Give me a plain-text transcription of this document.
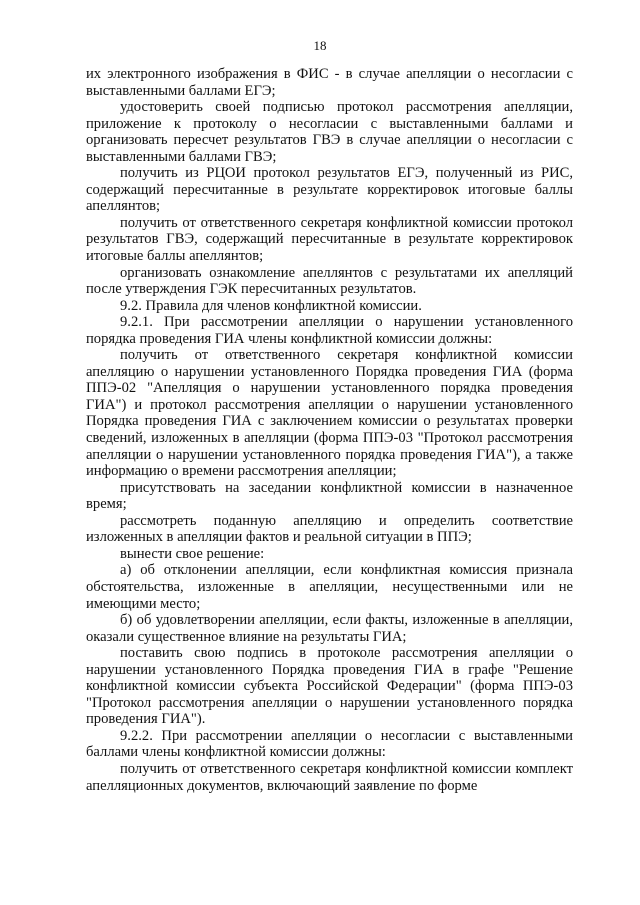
18

их электронного изображения в ФИС - в случае апелляции о несогласии с выставленными баллами ЕГЭ;

удостоверить своей подписью протокол рассмотрения апелляции, приложение к протоколу о несогласии с выставленными баллами и организовать пересчет результатов ГВЭ в случае апелляции о несогласии с выставленными баллами ГВЭ;

получить из РЦОИ протокол результатов ЕГЭ, полученный из РИС, содержащий пересчитанные в результате корректировок итоговые баллы апеллянтов;

получить от ответственного секретаря конфликтной комиссии протокол результатов ГВЭ, содержащий пересчитанные в результате корректировок итоговые баллы апеллянтов;

организовать ознакомление апеллянтов с результатами их апелляций после утверждения ГЭК пересчитанных результатов.

9.2. Правила для членов конфликтной комиссии.

9.2.1. При рассмотрении апелляции о нарушении установленного порядка проведения ГИА члены конфликтной комиссии должны:

получить от ответственного секретаря конфликтной комиссии апелляцию о нарушении установленного Порядка проведения ГИА (форма ППЭ-02 "Апелляция о нарушении установленного порядка проведения ГИА") и протокол рассмотрения апелляции о нарушении установленного Порядка проведения ГИА с заключением комиссии о результатах проверки сведений, изложенных в апелляции (форма ППЭ-03 "Протокол рассмотрения апелляции о нарушении установленного порядка проведения ГИА"), а также информацию о времени рассмотрения апелляции;

присутствовать на заседании конфликтной комиссии в назначенное время;

рассмотреть поданную апелляцию и определить соответствие изложенных в апелляции фактов и реальной ситуации в ППЭ;

вынести свое решение:

а) об отклонении апелляции, если конфликтная комиссия признала обстоятельства, изложенные в апелляции, несущественными или не имеющими место;

б) об удовлетворении апелляции, если факты, изложенные в апелляции, оказали существенное влияние на результаты ГИА;

поставить свою подпись в протоколе рассмотрения апелляции о нарушении установленного Порядка проведения ГИА в графе "Решение конфликтной комиссии субъекта Российской Федерации" (форма ППЭ-03 "Протокол рассмотрения апелляции о нарушении установленного порядка проведения ГИА").

9.2.2. При рассмотрении апелляции о несогласии с выставленными баллами члены конфликтной комиссии должны:

получить от ответственного секретаря конфликтной комиссии комплект апелляционных документов, включающий заявление по форме
